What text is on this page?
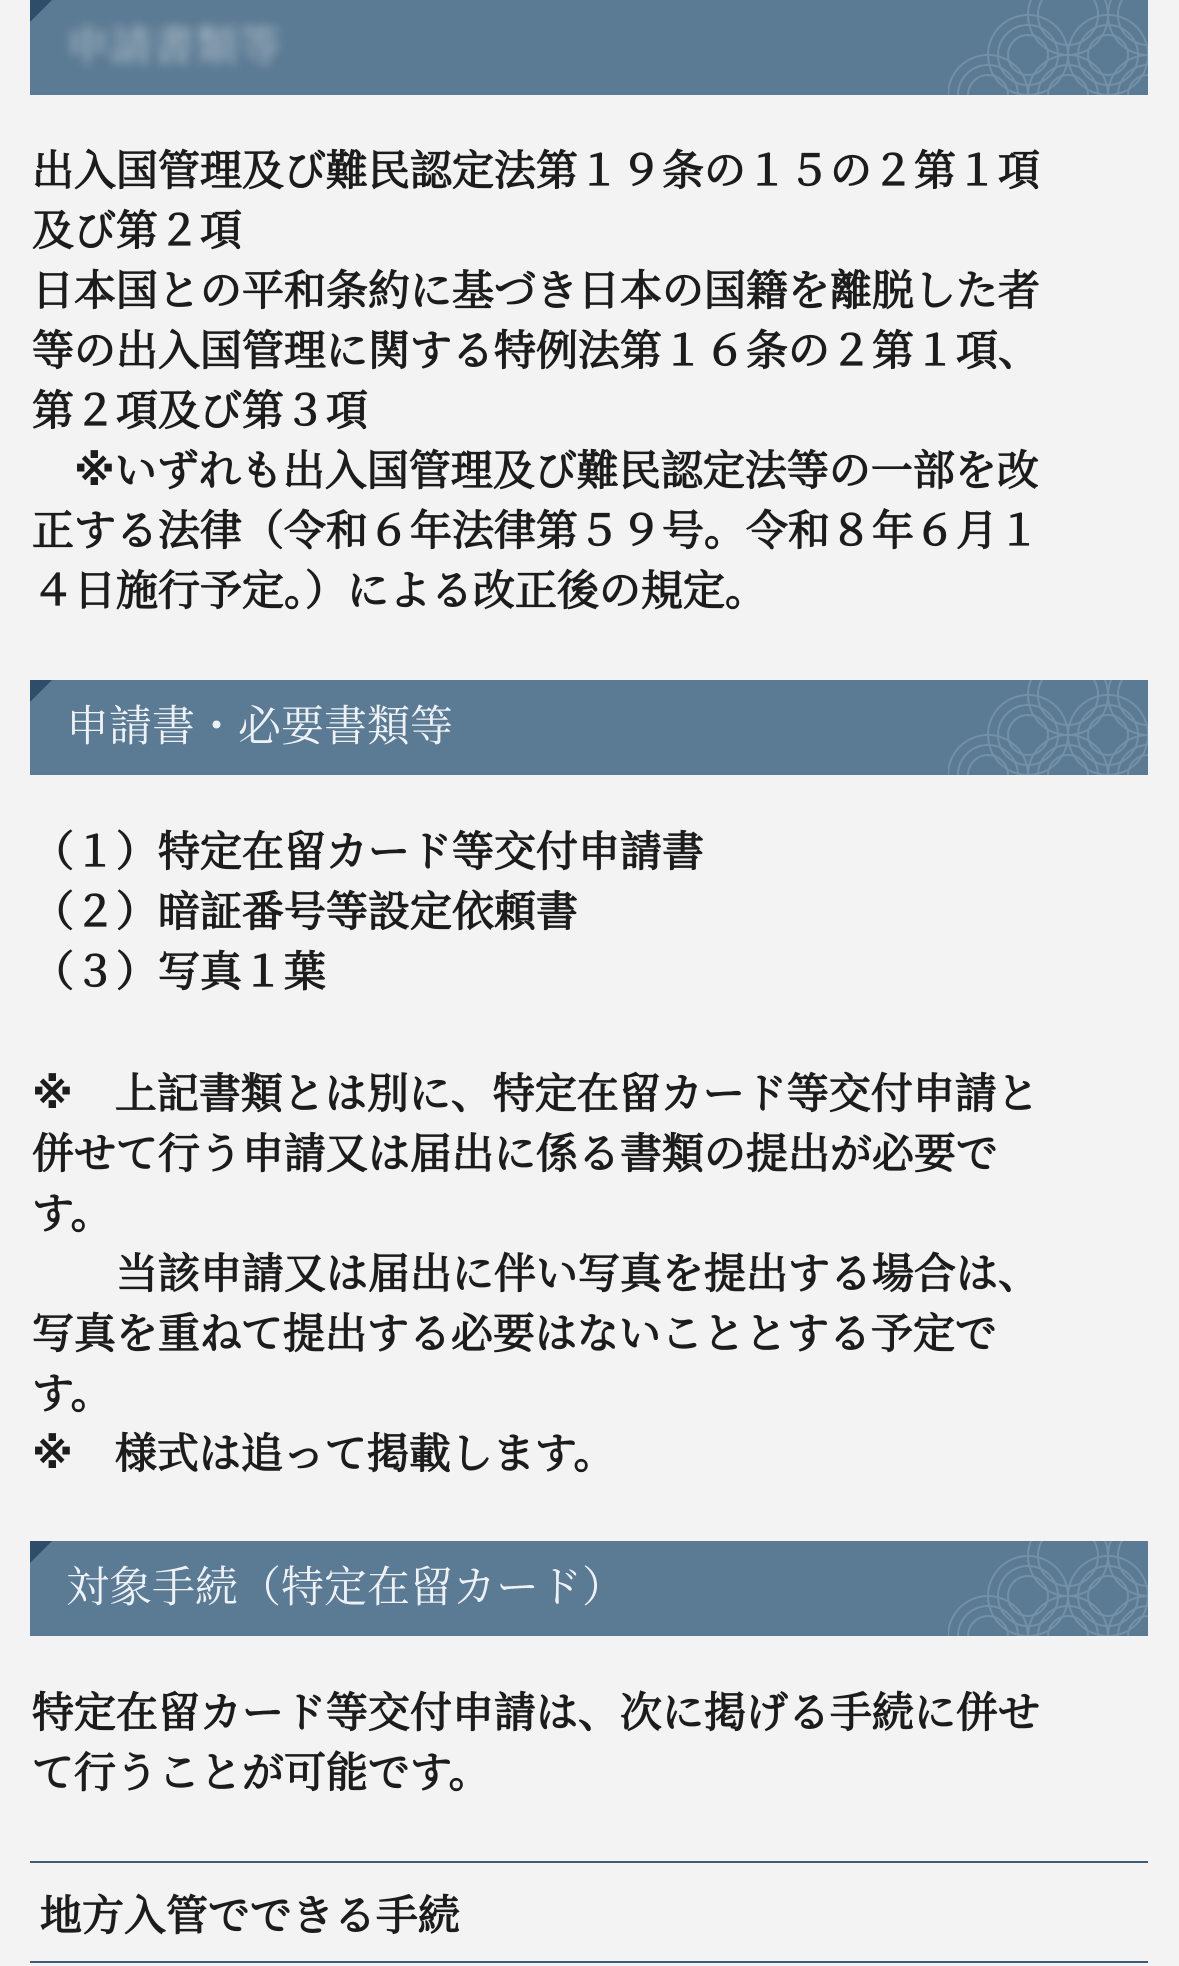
申請書類等
出入国管理及び難民認定法第１９条の１５の２第１項
及び第２項
日本国との平和条約に基づき日本の国籍を離脱した者
等の出入国管理に関する特例法第１６条の２第１項、
第２項及び第３項
　※いずれも出入国管理及び難民認定法等の一部を改
正する法律（令和６年法律第５９号。令和８年６月１
４日施行予定。）による改正後の規定。
申請書・必要書類等
（１）特定在留カード等交付申請書
（２）暗証番号等設定依頼書
（３）写真１葉
※　上記書類とは別に、特定在留カード等交付申請と
併せて行う申請又は届出に係る書類の提出が必要で
す。
　　当該申請又は届出に伴い写真を提出する場合は、
写真を重ねて提出する必要はないこととする予定で
す。
※　様式は追って掲載します。
対象手続（特定在留カード）
特定在留カード等交付申請は、次に掲げる手続に併せ
て行うことが可能です。
地方入管でできる手続
